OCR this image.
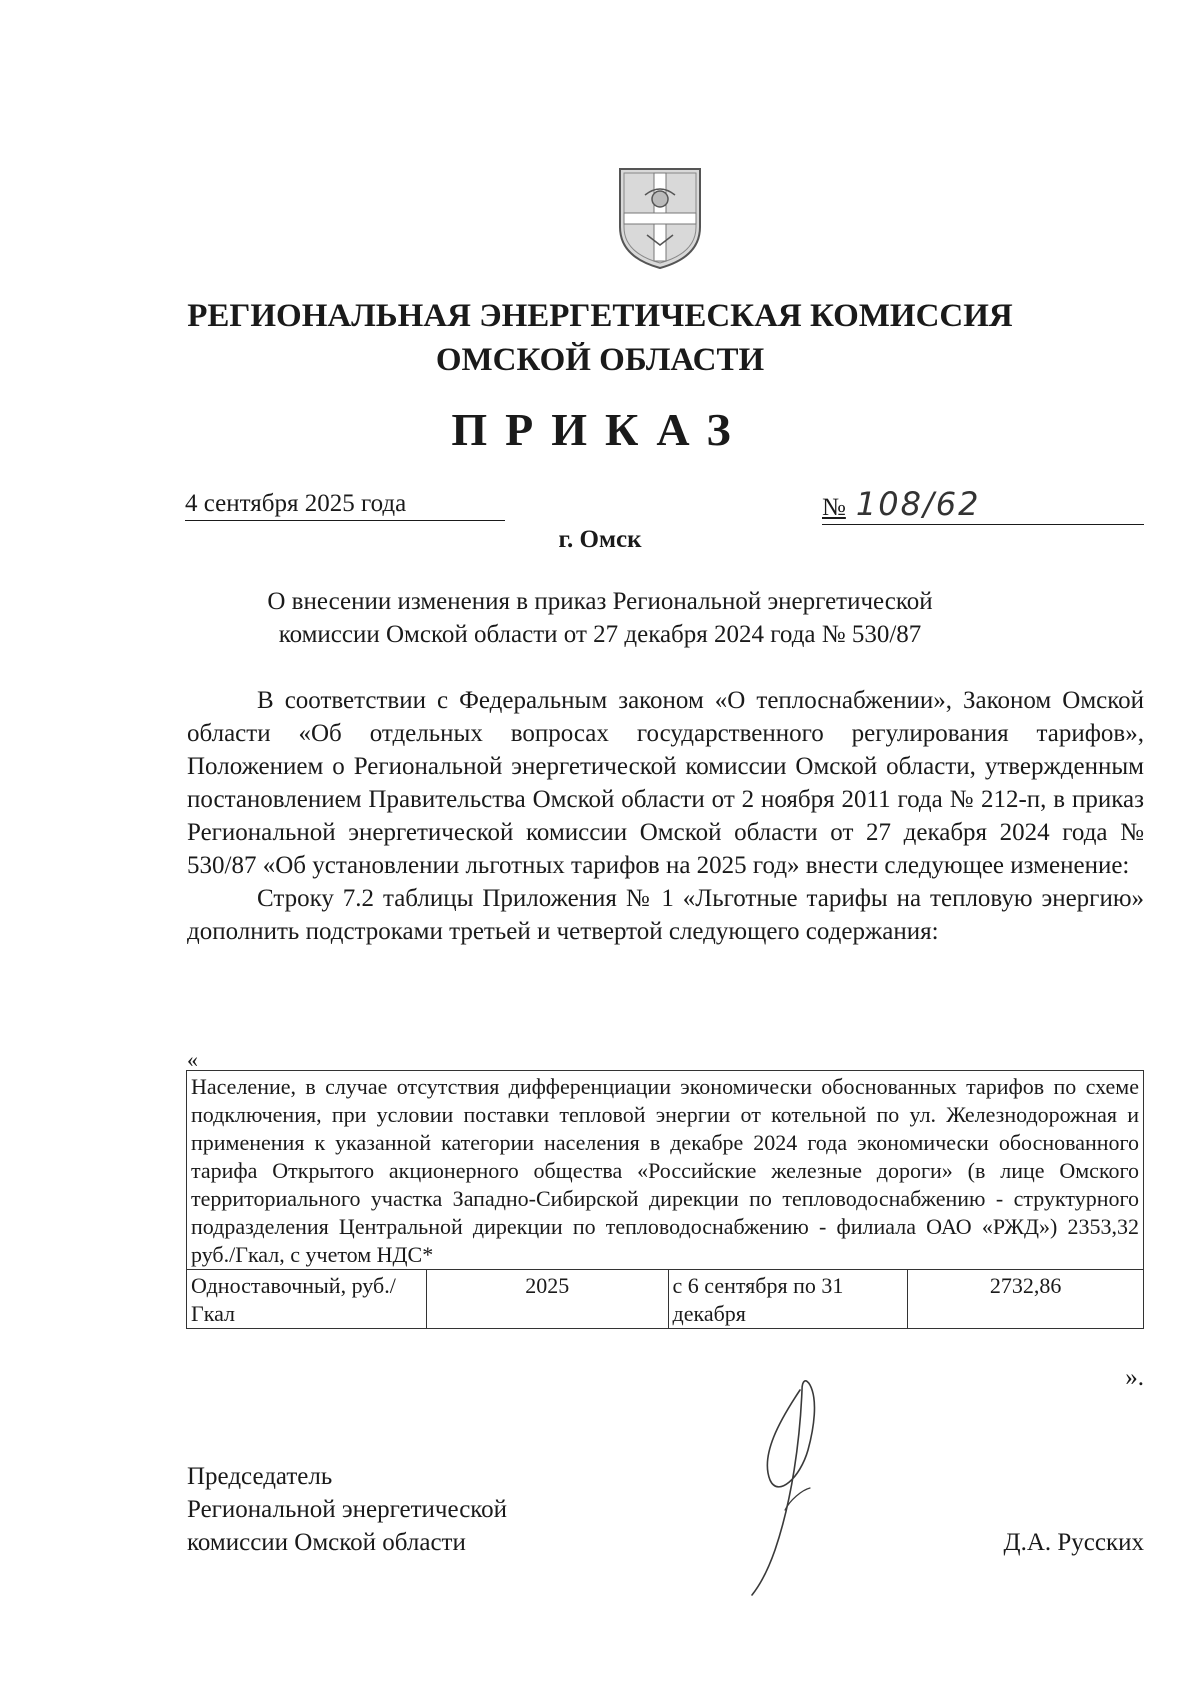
РЕГИОНАЛЬНАЯ ЭНЕРГЕТИЧЕСКАЯ КОМИССИЯ
ОМСКОЙ ОБЛАСТИ
ПРИКАЗ
4 сентября 2025 года	№ 108/62
г. Омск
О внесении изменения в приказ Региональной энергетической
комиссии Омской области от 27 декабря 2024 года № 530/87

В соответствии с Федеральным законом «О теплоснабжении», Законом Омской области «Об отдельных вопросах государственного регулирования тарифов», Положением о Региональной энергетической комиссии Омской области, утвержденным постановлением Правительства Омской области от 2 ноября 2011 года № 212-п, в приказ Региональной энергетической комиссии Омской области от 27 декабря 2024 года № 530/87 «Об установлении льготных тарифов на 2025 год» внести следующее изменение:

Строку 7.2 таблицы Приложения № 1 «Льготные тарифы на тепловую энергию» дополнить подстроками третьей и четвертой следующего содержания:

«
Население, в случае отсутствия дифференциации экономически обоснованных тарифов по схеме подключения, при условии поставки тепловой энергии от котельной по ул. Железнодорожная и применения к указанной категории населения в декабре 2024 года экономически обоснованного тарифа Открытого акционерного общества «Российские железные дороги» (в лице Омского территориального участка Западно-Сибирской дирекции по тепловодоснабжению - структурного подразделения Центральной дирекции по тепловодоснабжению - филиала ОАО «РЖД») 2353,32 руб./Гкал, с учетом НДС*
Одноставочный, руб./Гкал	2025	с 6 сентября по 31 декабря	2732,86
».
Председатель
Региональной энергетической
комиссии Омской области	Д.А. Русских
